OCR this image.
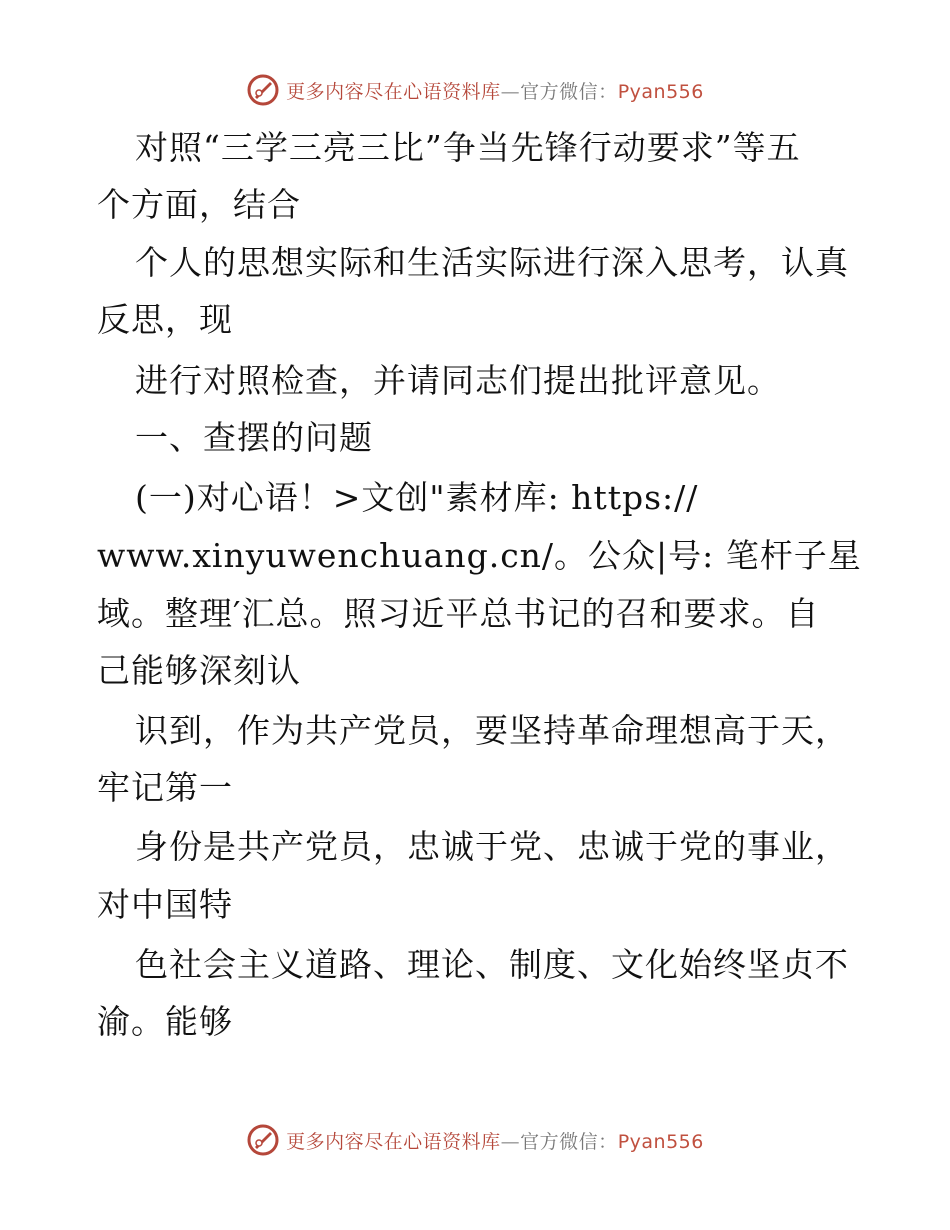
更多内容尽在心语资料库—官方微信：Pyan556
对照“三学三亮三比”争当先锋行动要求”等五
个方面，结合
个人的思想实际和生活实际进行深入思考，认真
反思，现
进行对照检查，并请同志们提出批评意见。
一、查摆的问题
(一)对心语！>文创"素材库: https://
www.xinyuwenchuang.cn/。公众|号: 笔杆子星
域。整理′汇总。照习近平总书记的召和要求。自
己能够深刻认
识到，作为共产党员，要坚持革命理想高于天，
牢记第一
身份是共产党员，忠诚于党、忠诚于党的事业，
对中国特
色社会主义道路、理论、制度、文化始终坚贞不
渝。能够
更多内容尽在心语资料库—官方微信：Pyan556
